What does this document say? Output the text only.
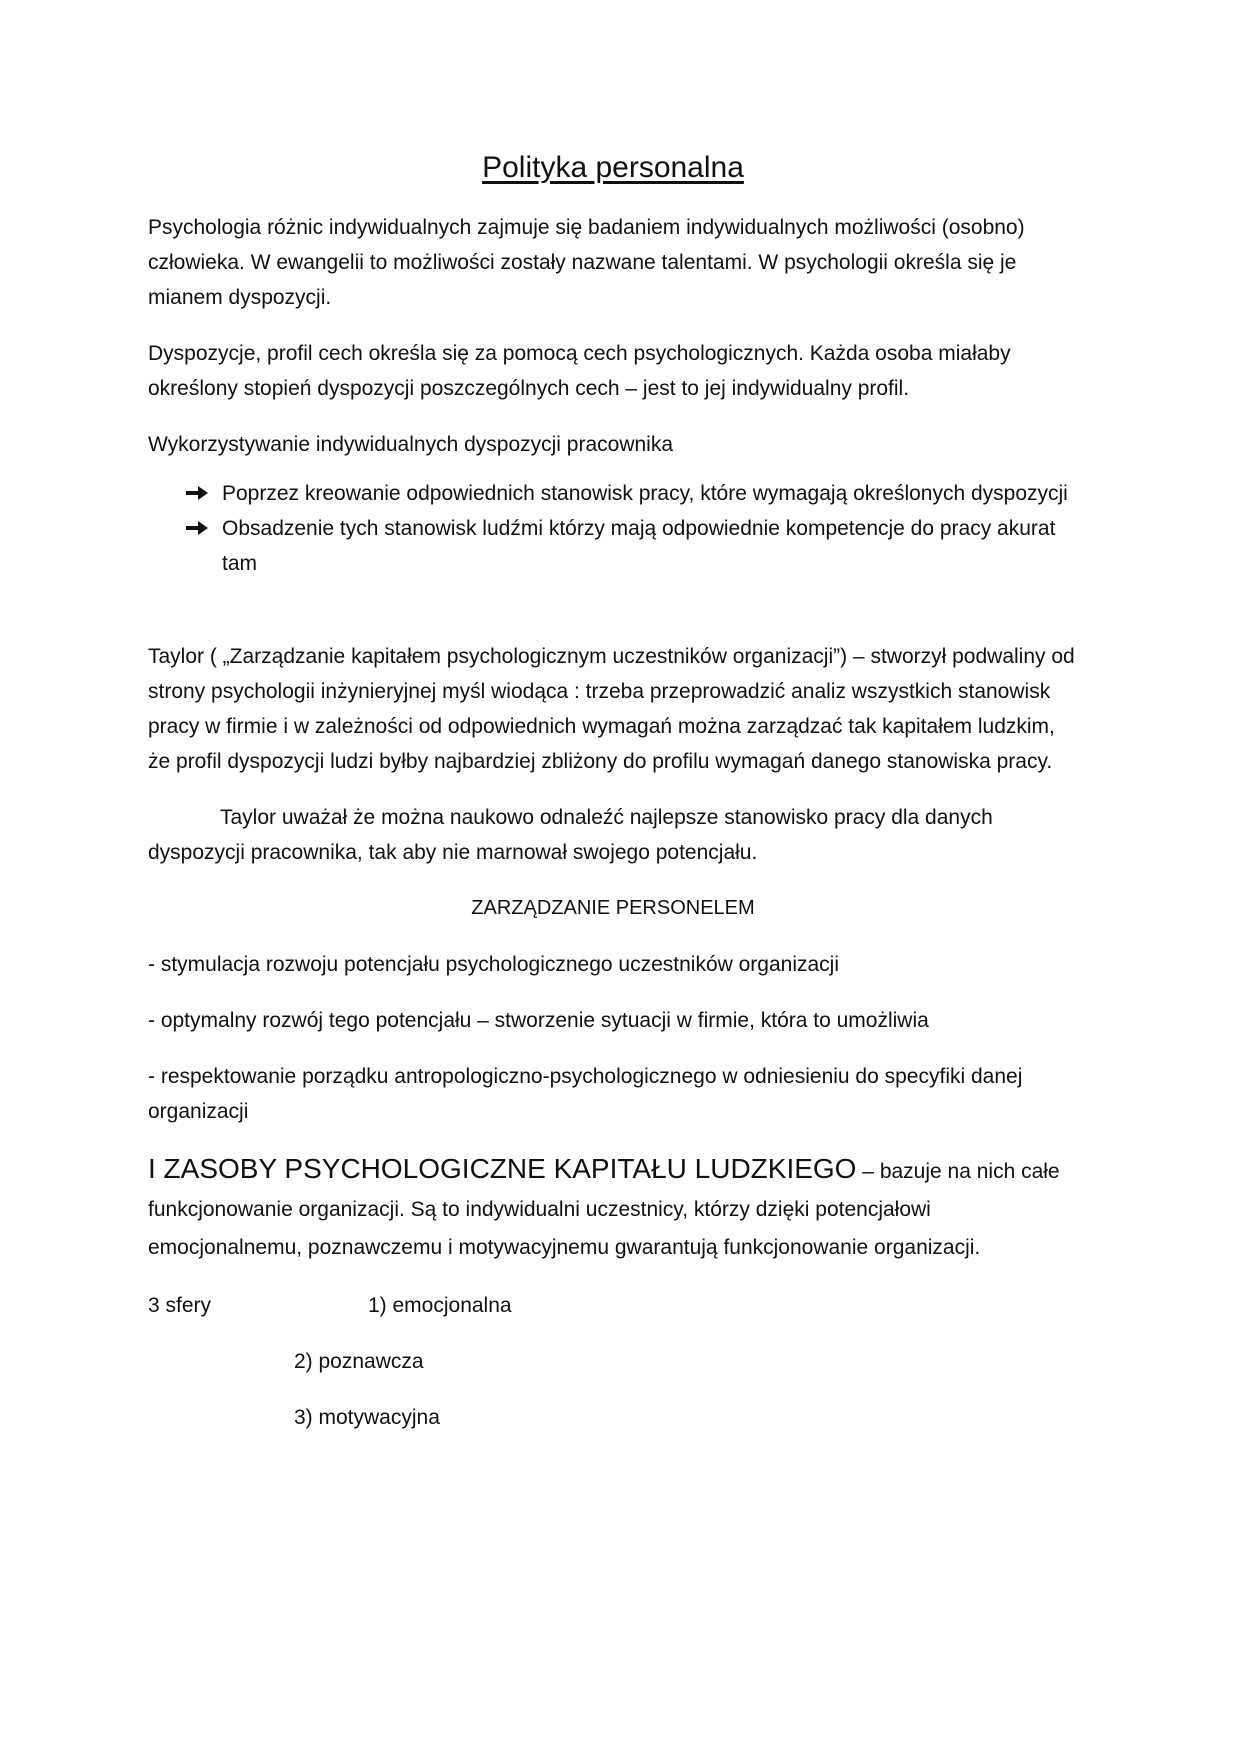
Polityka personalna

Psychologia różnic indywidualnych zajmuje się badaniem indywidualnych możliwości (osobno) człowieka. W ewangelii to możliwości zostały nazwane talentami. W psychologii określa się je mianem dyspozycji.

Dyspozycje, profil cech określa się za pomocą cech psychologicznych. Każda osoba miałaby określony stopień dyspozycji poszczególnych cech – jest to jej indywidualny profil.

Wykorzystywanie indywidualnych dyspozycji pracownika

Poprzez kreowanie odpowiednich stanowisk pracy, które wymagają określonych dyspozycji
Obsadzenie tych stanowisk ludźmi którzy mają odpowiednie kompetencje do pracy akurat tam

Taylor ( „Zarządzanie kapitałem psychologicznym uczestników organizacji”) – stworzył podwaliny od strony psychologii inżynieryjnej myśl wiodąca : trzeba przeprowadzić analiz wszystkich stanowisk pracy w firmie i w zależności od odpowiednich wymagań można zarządzać tak kapitałem ludzkim, że profil dyspozycji ludzi byłby najbardziej zbliżony do profilu wymagań danego stanowiska pracy.

Taylor uważał że można naukowo odnaleźć najlepsze stanowisko pracy dla danych dyspozycji pracownika, tak aby nie marnował swojego potencjału.

ZARZĄDZANIE PERSONELEM

- stymulacja rozwoju potencjału psychologicznego uczestników organizacji

- optymalny rozwój tego potencjału – stworzenie sytuacji w firmie, która to umożliwia

- respektowanie porządku antropologiczno-psychologicznego w odniesieniu do specyfiki danej organizacji

I ZASOBY PSYCHOLOGICZNE KAPITAŁU LUDZKIEGO – bazuje na nich całe funkcjonowanie organizacji. Są to indywidualni uczestnicy, którzy dzięki potencjałowi emocjonalnemu, poznawczemu i motywacyjnemu gwarantują funkcjonowanie organizacji.
3 sfery	1) emocjonalna
2) poznawcza
3) motywacyjna
